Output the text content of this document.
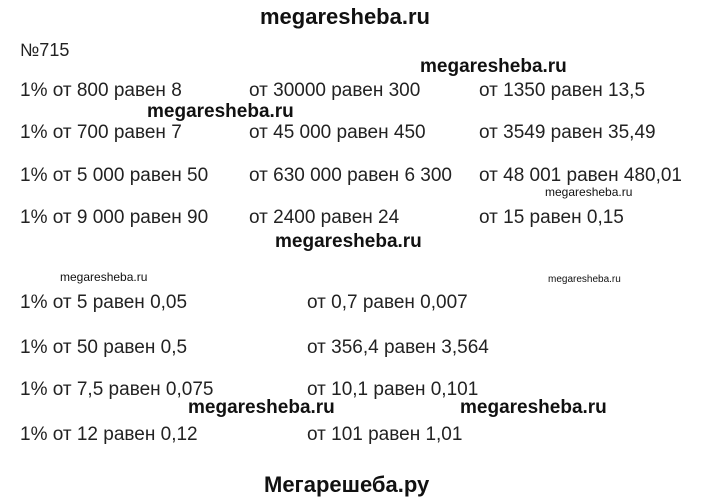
megaresheba.ru
№715
1% от 800 равен 8	от 30000 равен 300	от 1350 равен 13,5
1% от 700 равен 7	от 45 000 равен 450	от 3549 равен 35,49
1% от 5 000 равен 50 от 630 000 равен 6 300 от 48 001 равен 480,01
1% от 9 000 равен 90 от 2400 равен 24	от 15 равен 0,15
1% от 5 равен 0,05	от 0,7 равен 0,007
1% от 50 равен 0,5	от 356,4 равен 3,564
1% от 7,5 равен 0,075	от 10,1 равен 0,101
1% от 12 равен 0,12	от 101 равен 1,01
megaresheba.ru
megaresheba.ru
megaresheba.ru
megaresheba.ru
megaresheba.ru	megaresheba.ru
megaresheba.ru	megaresheba.ru
Мегарешеба.ру
